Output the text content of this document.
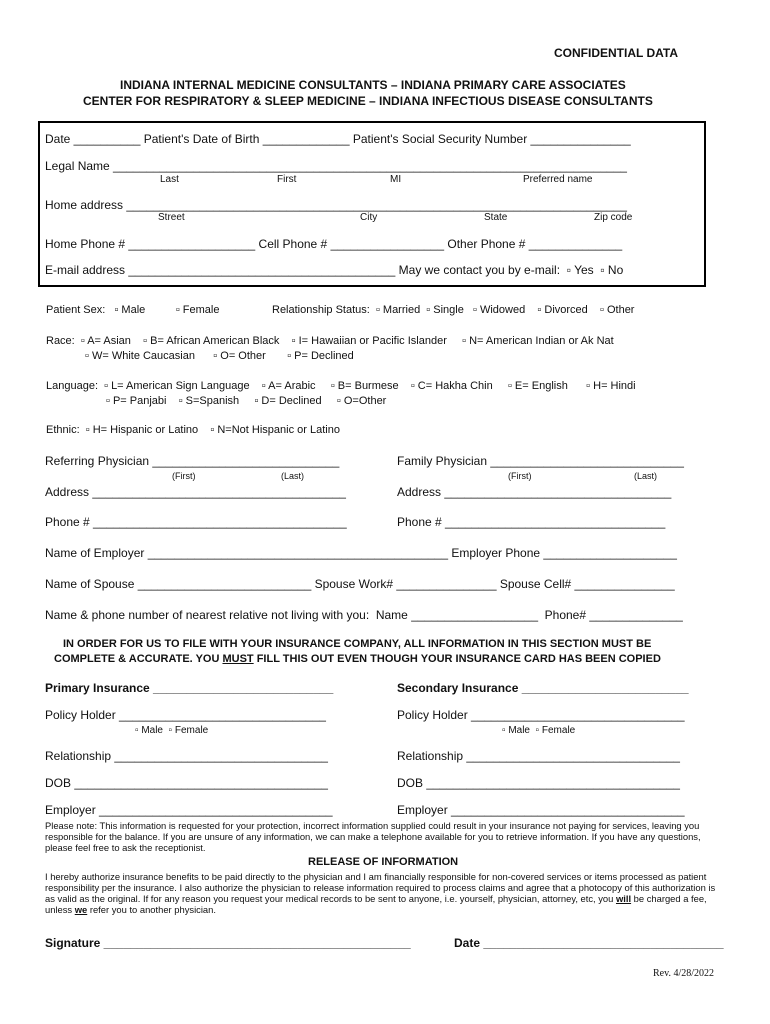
CONFIDENTIAL DATA
INDIANA INTERNAL MEDICINE CONSULTANTS – INDIANA PRIMARY CARE ASSOCIATES
CENTER FOR RESPIRATORY & SLEEP MEDICINE – INDIANA INFECTIOUS DISEASE CONSULTANTS
Date __________ Patient's Date of Birth _____________ Patient's Social Security Number _______________
Legal Name _____________________________________________________________________________
Last	First	MI	Preferred name
Home address ___________________________________________________________________________
Street	City	State	Zip code
Home Phone # ___________________ Cell Phone # _________________ Other Phone # ______________
E-mail address ________________________________________ May we contact you by e-mail:  ▫ Yes  ▫ No
Patient Sex:   ▫ Male          ▫ Female	Relationship Status:  ▫ Married  ▫ Single   ▫ Widowed    ▫ Divorced    ▫ Other
Race:  ▫ A= Asian    ▫ B= African American Black    ▫ I= Hawaiian or Pacific Islander     ▫ N= American Indian or Ak Nat
▫ W= White Caucasian      ▫ O= Other       ▫ P= Declined
Language:  ▫ L= American Sign Language    ▫ A= Arabic     ▫ B= Burmese    ▫ C= Hakha Chin     ▫ E= English      ▫ H= Hindi
▫ P= Panjabi    ▫ S=Spanish     ▫ D= Declined     ▫ O=Other
Ethnic:  ▫ H= Hispanic or Latino    ▫ N=Not Hispanic or Latino
Referring Physician ____________________________
(First)	(Last)
Family Physician _____________________________
(First)	(Last)
Address ______________________________________	Address __________________________________
Phone # ______________________________________	Phone # _________________________________
Name of Employer _____________________________________________ Employer Phone ____________________
Name of Spouse __________________________ Spouse Work# _______________ Spouse Cell# _______________
Name & phone number of nearest relative not living with you:  Name ___________________  Phone# ______________
IN ORDER FOR US TO FILE WITH YOUR INSURANCE COMPANY, ALL INFORMATION IN THIS SECTION MUST BE
COMPLETE & ACCURATE. YOU MUST FILL THIS OUT EVEN THOUGH YOUR INSURANCE CARD HAS BEEN COPIED
Primary Insurance ___________________________	Secondary Insurance _________________________
Policy Holder _______________________________	Policy Holder ________________________________
▫ Male  ▫ Female	▫ Male  ▫ Female
Relationship ________________________________	Relationship ________________________________
DOB ______________________________________	DOB ______________________________________
Employer ___________________________________	Employer ___________________________________
Please note: This information is requested for your protection, incorrect information supplied could result in your insurance not paying for services, leaving you responsible for the balance. If you are unsure of any information, we can make a telephone available for you to retrieve information. If you have any questions, please feel free to ask the receptionist.
RELEASE OF INFORMATION
I hereby authorize insurance benefits to be paid directly to the physician and I am financially responsible for non-covered services or items processed as patient responsibility per the insurance. I also authorize the physician to release information required to process claims and agree that a photocopy of this authorization is as valid as the original. If for any reason you request your medical records to be sent to anyone, i.e. yourself, physician, attorney, etc, you will be charged a fee, unless we refer you to another physician.
Signature ______________________________________________	Date ____________________________________
Rev. 4/28/2022
